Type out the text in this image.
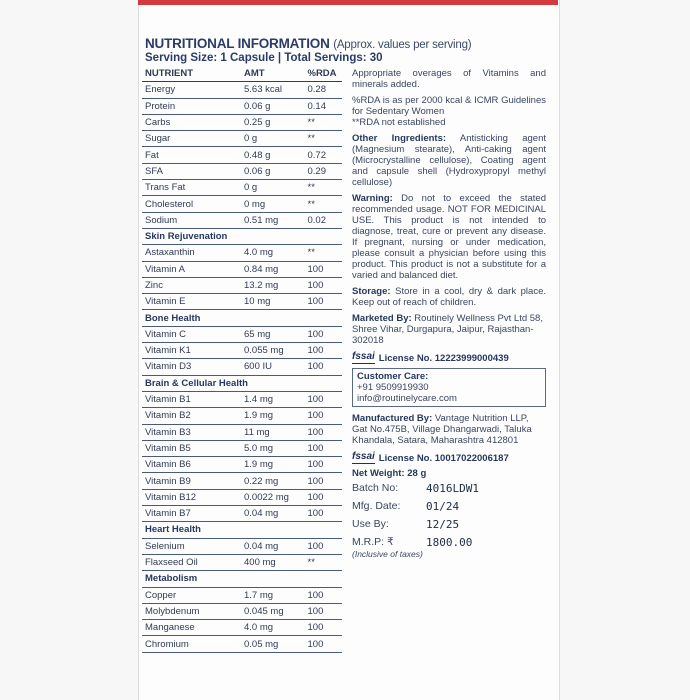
NUTRITIONAL INFORMATION (Approx. values per serving)
Serving Size: 1 Capsule | Total Servings: 30
NUTRIENT	AMT	%RDA
Energy	5.63 kcal	0.28
Protein	0.06 g	0.14
Carbs	0.25 g	**
Sugar	0 g	**
Fat	0.48 g	0.72
SFA	0.06 g	0.29
Trans Fat	0 g	**
Cholesterol	0 mg	**
Sodium	0.51 mg	0.02
Skin Rejuvenation		
Astaxanthin	4.0 mg	**
Vitamin A	0.84 mg	100
Zinc	13.2 mg	100
Vitamin E	10 mg	100
Bone Health		
Vitamin C	65 mg	100
Vitamin K1	0.055 mg	100
Vitamin D3	600 IU	100
Brain & Cellular Health		
Vitamin B1	1.4 mg	100
Vitamin B2	1.9 mg	100
Vitamin B3	11 mg	100
Vitamin B5	5.0 mg	100
Vitamin B6	1.9 mg	100
Vitamin B9	0.22 mg	100
Vitamin B12	0.0022 mg	100
Vitamin B7	0.04 mg	100
Heart Health		
Selenium	0.04 mg	100
Flaxseed Oil	400 mg	**
Metabolism		
Copper	1.7 mg	100
Molybdenum	0.045 mg	100
Manganese	4.0 mg	100
Chromium	0.05 mg	100

Appropriate overages of Vitamins and minerals added.

%RDA is as per 2000 kcal & ICMR Guidelines for Sedentary Women
**RDA not established

Other Ingredients: Antisticking agent (Magnesium stearate), Anti-caking agent (Microcrystalline cellulose), Coating agent and capsule shell (Hydroxypropyl methyl cellulose)

Warning: Do not to exceed the stated recommended usage. NOT FOR MEDICINAL USE. This product is not intended to diagnose, treat, cure or prevent any disease. If pregnant, nursing or under medication, please consult a physician before using this product. This product is not a substitute for a varied and balanced diet.

Storage: Store in a cool, dry & dark place. Keep out of reach of children.

Marketed By: Routinely Wellness Pvt Ltd 58, Shree Vihar, Durgapura, Jaipur, Rajasthan-302018

fssai License No. 12223999000439
Customer Care:
+91 9509919930
info@routinelycare.com

Manufactured By: Vantage Nutrition LLP, Gat No.475B, Village Dhangarwadi, Taluka Khandala, Satara, Maharashtra 412801

fssai License No. 10017022006187
Net Weight: 28 g
Batch No:	4016LDW1
Mfg. Date:	01/24
Use By:	12/25
M.R.P: ₹	1800.00
(Inclusive of taxes)
